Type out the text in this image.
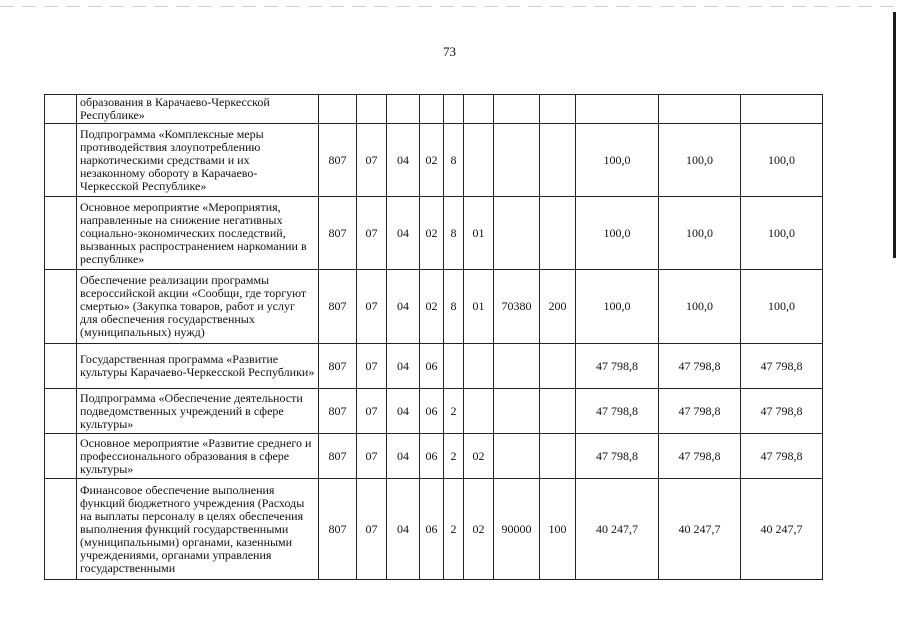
73
	образования в Карачаево-Черкесской Республике»											
	Подпрограмма «Комплексные меры противодействия злоупотреблению наркотическими средствами и их незаконному обороту в Карачаево-Черкесской Республике»	807	07	04	02	8				100,0	100,0	100,0
	Основное мероприятие «Мероприятия, направленные на снижение негативных социально-экономических последствий, вызванных распространением наркомании в республике»	807	07	04	02	8	01			100,0	100,0	100,0
	Обеспечение реализации программы всероссийской акции «Сообщи, где торгуют смертью» (Закупка товаров, работ и услуг для обеспечения государственных (муниципальных) нужд)	807	07	04	02	8	01	70380	200	100,0	100,0	100,0
	Государственная программа «Развитие культуры Карачаево-Черкесской Республики»	807	07	04	06					47 798,8	47 798,8	47 798,8
	Подпрограмма «Обеспечение деятельности подведомственных учреждений в сфере культуры»	807	07	04	06	2				47 798,8	47 798,8	47 798,8
	Основное мероприятие «Развитие среднего и профессионального образования в сфере культуры»	807	07	04	06	2	02			47 798,8	47 798,8	47 798,8
	Финансовое обеспечение выполнения функций бюджетного учреждения (Расходы на выплаты персоналу в целях обеспечения выполнения функций государственными (муниципальными) органами, казенными учреждениями, органами управления государственными	807	07	04	06	2	02	90000	100	40 247,7	40 247,7	40 247,7
